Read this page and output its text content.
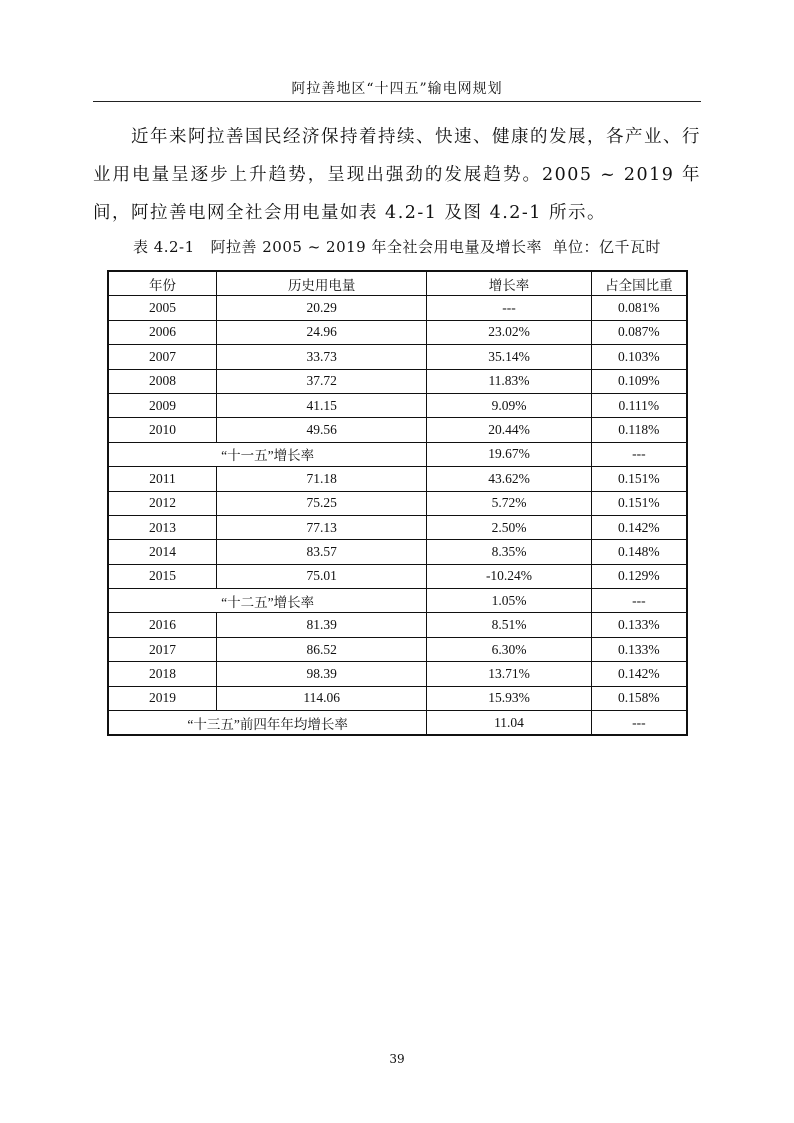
阿拉善地区“十四五”输电网规划

近年来阿拉善国民经济保持着持续、快速、健康的发展，各产业、行业用电量呈逐步上升趋势，呈现出强劲的发展趋势。2005 ~ 2019 年间，阿拉善电网全社会用电量如表 4.2-1 及图 4.2-1 所示。

表 4.2-1 阿拉善 2005 ~ 2019 年全社会用电量及增长率 单位：亿千瓦时
年份	历史用电量	增长率	占全国比重
2005	20.29	---	0.081%
2006	24.96	23.02%	0.087%
2007	33.73	35.14%	0.103%
2008	37.72	11.83%	0.109%
2009	41.15	9.09%	0.111%
2010	49.56	20.44%	0.118%
“十一五”增长率		19.67%	---
2011	71.18	43.62%	0.151%
2012	75.25	5.72%	0.151%
2013	77.13	2.50%	0.142%
2014	83.57	8.35%	0.148%
2015	75.01	-10.24%	0.129%
“十二五”增长率		1.05%	---
2016	81.39	8.51%	0.133%
2017	86.52	6.30%	0.133%
2018	98.39	13.71%	0.142%
2019	114.06	15.93%	0.158%
“十三五”前四年年均增长率		11.04	---
39
